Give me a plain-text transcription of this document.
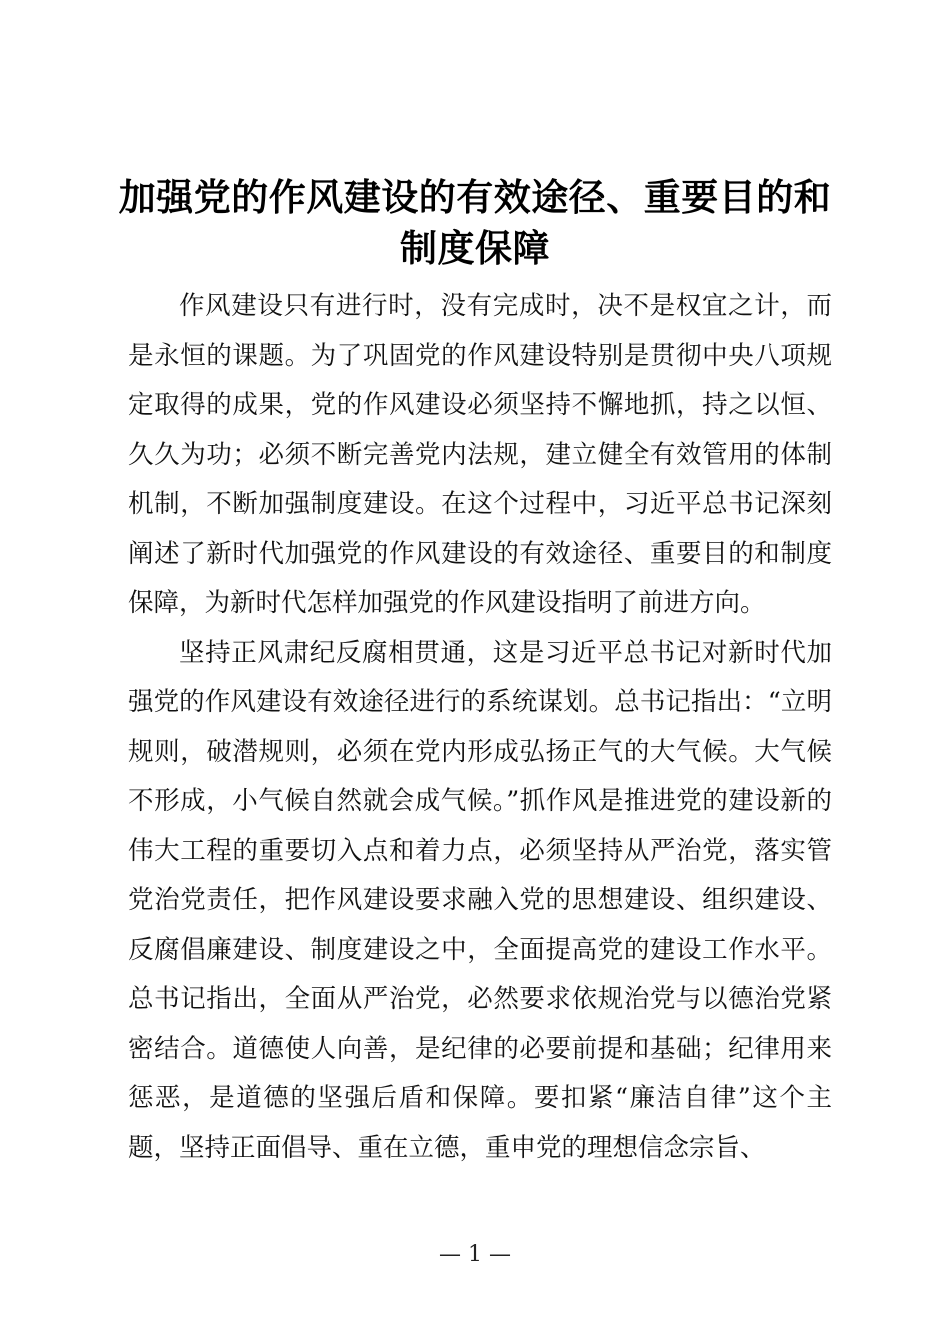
加强党的作风建设的有效途径、重要目的和制度保障

作风建设只有进行时，没有完成时，决不是权宜之计，而是永恒的课题。为了巩固党的作风建设特别是贯彻中央八项规定取得的成果，党的作风建设必须坚持不懈地抓，持之以恒、久久为功；必须不断完善党内法规，建立健全有效管用的体制机制，不断加强制度建设。在这个过程中，习近平总书记深刻阐述了新时代加强党的作风建设的有效途径、重要目的和制度保障，为新时代怎样加强党的作风建设指明了前进方向。

坚持正风肃纪反腐相贯通，这是习近平总书记对新时代加强党的作风建设有效途径进行的系统谋划。总书记指出：“立明规则，破潜规则，必须在党内形成弘扬正气的大气候。大气候不形成，小气候自然就会成气候。”抓作风是推进党的建设新的伟大工程的重要切入点和着力点，必须坚持从严治党，落实管党治党责任，把作风建设要求融入党的思想建设、组织建设、反腐倡廉建设、制度建设之中，全面提高党的建设工作水平。总书记指出，全面从严治党，必然要求依规治党与以德治党紧密结合。道德使人向善，是纪律的必要前提和基础；纪律用来惩恶，是道德的坚强后盾和保障。要扣紧“廉洁自律”这个主题，坚持正面倡导、重在立德，重申党的理想信念宗旨、

— 1 —
